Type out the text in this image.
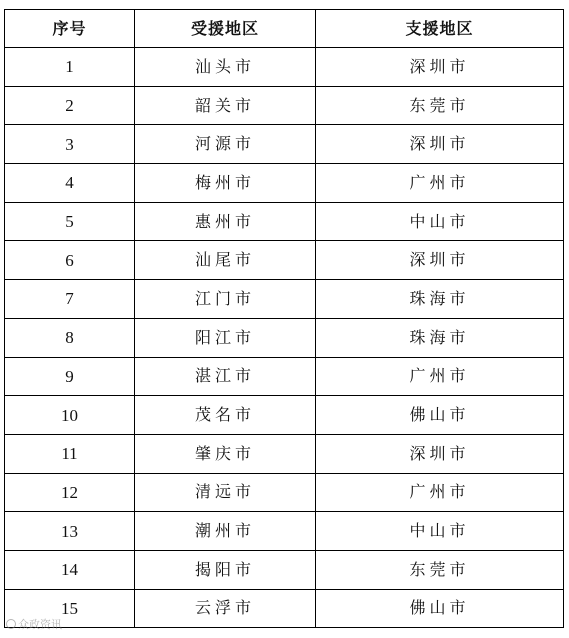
序号	受援地区	支援地区
1	汕头市	深圳市
2	韶关市	东莞市
3	河源市	深圳市
4	梅州市	广州市
5	惠州市	中山市
6	汕尾市	深圳市
7	江门市	珠海市
8	阳江市	珠海市
9	湛江市	广州市
10	茂名市	佛山市
11	肇庆市	深圳市
12	清远市	广州市
13	潮州市	中山市
14	揭阳市	东莞市
15	云浮市	佛山市
众政资讯
